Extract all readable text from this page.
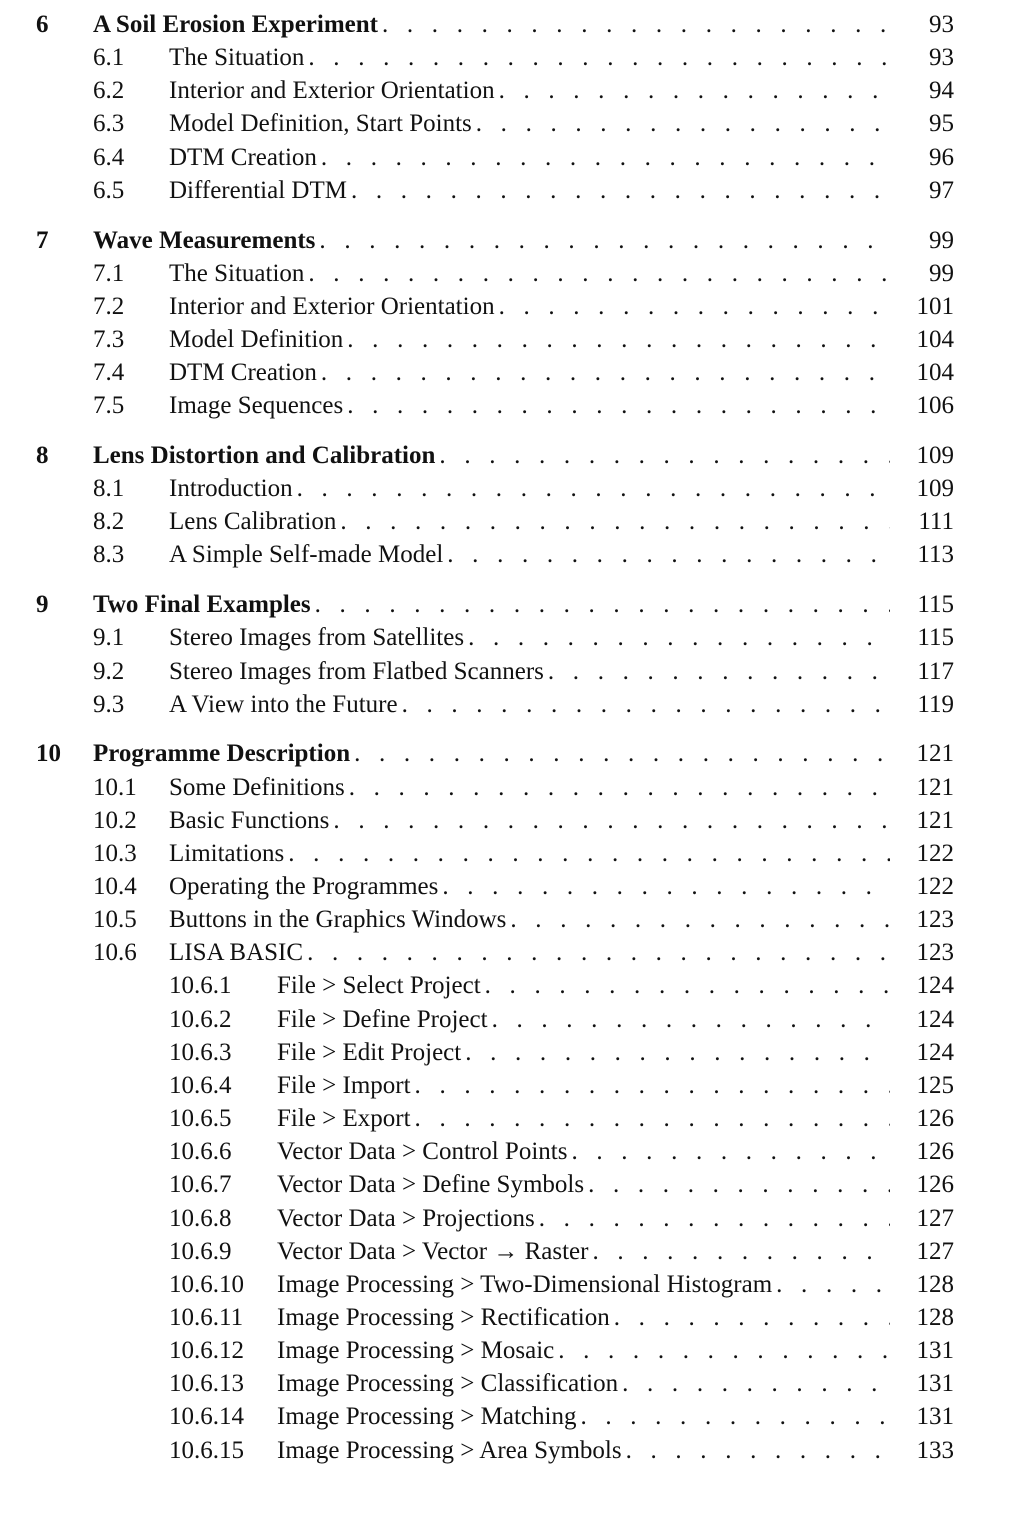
6 A Soil Erosion Experiment . . .	93
6.1 The Situation . . .	93
6.2 Interior and Exterior Orientation . . .	94
6.3 Model Definition, Start Points . . .	95
6.4 DTM Creation . . .	96
6.5 Differential DTM . . .	97
7 Wave Measurements . . .	99
7.1 The Situation . . .	99
7.2 Interior and Exterior Orientation . . .	101
7.3 Model Definition . . .	104
7.4 DTM Creation . . .	104
7.5 Image Sequences . . .	106
8 Lens Distortion and Calibration . . .	109
8.1 Introduction . . .	109
8.2 Lens Calibration . . .	111
8.3 A Simple Self-made Model . . .	113
9 Two Final Examples . . .	115
9.1 Stereo Images from Satellites . . .	115
9.2 Stereo Images from Flatbed Scanners . . .	117
9.3 A View into the Future . . .	119
10 Programme Description . . .	121
10.1 Some Definitions . . .	121
10.2 Basic Functions . . .	121
10.3 Limitations . . .	122
10.4 Operating the Programmes . . .	122
10.5 Buttons in the Graphics Windows . . .	123
10.6 LISA BASIC . . .	123
10.6.1 File > Select Project . . .	124
10.6.2 File > Define Project . . .	124
10.6.3 File > Edit Project . . .	124
10.6.4 File > Import . . .	125
10.6.5 File > Export . . .	126
10.6.6 Vector Data > Control Points . . .	126
10.6.7 Vector Data > Define Symbols . . .	126
10.6.8 Vector Data > Projections . . .	127
10.6.9 Vector Data > Vector → Raster . . .	127
10.6.10 Image Processing > Two-Dimensional Histogram . . .	128
10.6.11 Image Processing > Rectification . . .	128
10.6.12 Image Processing > Mosaic . . .	131
10.6.13 Image Processing > Classification . . .	131
10.6.14 Image Processing > Matching . . .	131
10.6.15 Image Processing > Area Symbols . . .	133
